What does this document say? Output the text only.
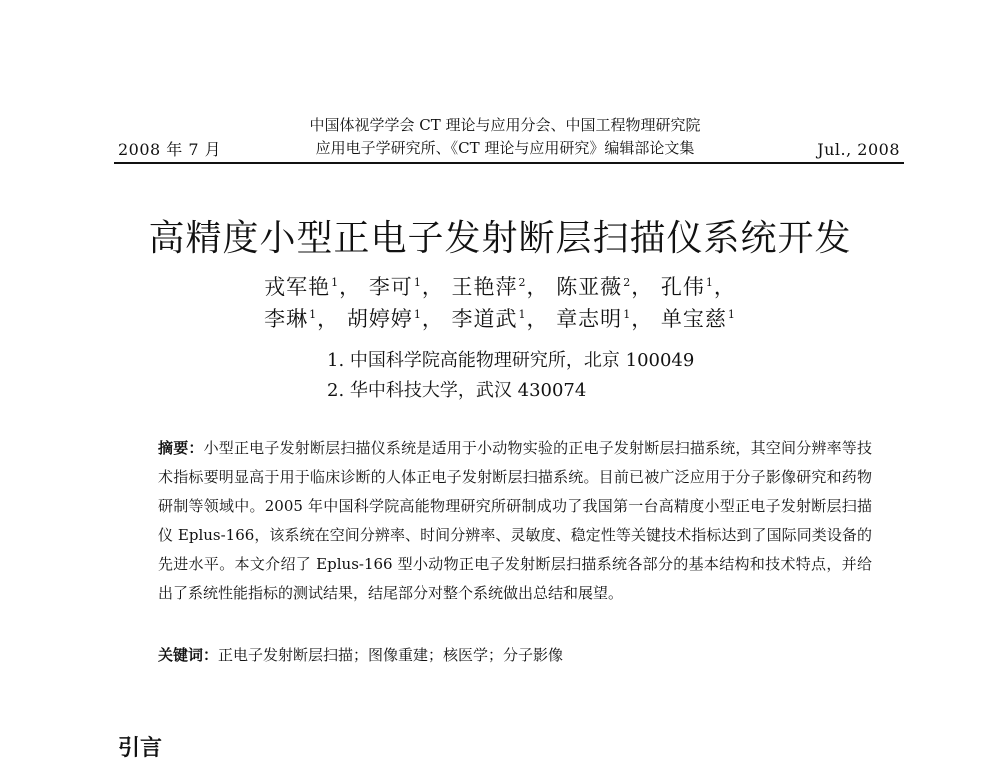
2008 年 7 月
中国体视学学会 CT 理论与应用分会、中国工程物理研究院
应用电子学研究所、《CT 理论与应用研究》编辑部论文集	Jul., 2008
高精度小型正电子发射断层扫描仪系统开发
戎军艳$^1$， 李可$^1$， 王艳萍$^2$， 陈亚薇$^2$， 孔伟$^1$，
李琳$^1$， 胡婷婷$^1$， 李道武$^1$， 章志明$^1$， 单宝慈$^1$
1. 中国科学院高能物理研究所，北京 100049
2. 华中科技大学，武汉 430074

摘要：小型正电子发射断层扫描仪系统是适用于小动物实验的正电子发射断层扫描系统，其空间分辨率等技术指标要明显高于用于临床诊断的人体正电子发射断层扫描系统。目前已被广泛应用于分子影像研究和药物研制等领域中。2005 年中国科学院高能物理研究所研制成功了我国第一台高精度小型正电子发射断层扫描仪 Eplus-166，该系统在空间分辨率、时间分辨率、灵敏度、稳定性等关键技术指标达到了国际同类设备的先进水平。本文介绍了 Eplus-166 型小动物正电子发射断层扫描系统各部分的基本结构和技术特点，并给出了系统性能指标的测试结果，结尾部分对整个系统做出总结和展望。

关键词：正电子发射断层扫描；图像重建；核医学；分子影像

引言
